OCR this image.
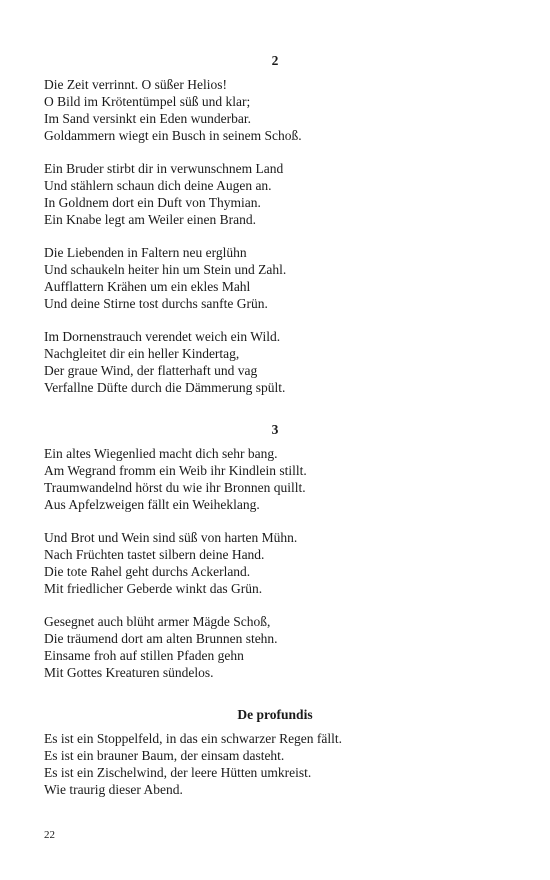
2
Die Zeit verrinnt. O süßer Helios!
O Bild im Krötentümpel süß und klar;
Im Sand versinkt ein Eden wunderbar.
Goldammern wiegt ein Busch in seinem Schoß.
Ein Bruder stirbt dir in verwunschnem Land
Und stählern schaun dich deine Augen an.
In Goldnem dort ein Duft von Thymian.
Ein Knabe legt am Weiler einen Brand.
Die Liebenden in Faltern neu erglühn
Und schaukeln heiter hin um Stein und Zahl.
Aufflattern Krähen um ein ekles Mahl
Und deine Stirne tost durchs sanfte Grün.
Im Dornenstrauch verendet weich ein Wild.
Nachgleitet dir ein heller Kindertag,
Der graue Wind, der flatterhaft und vag
Verfallne Düfte durch die Dämmerung spült.
3
Ein altes Wiegenlied macht dich sehr bang.
Am Wegrand fromm ein Weib ihr Kindlein stillt.
Traumwandelnd hörst du wie ihr Bronnen quillt.
Aus Apfelzweigen fällt ein Weiheklang.
Und Brot und Wein sind süß von harten Mühn.
Nach Früchten tastet silbern deine Hand.
Die tote Rahel geht durchs Ackerland.
Mit friedlicher Geberde winkt das Grün.
Gesegnet auch blüht armer Mägde Schoß,
Die träumend dort am alten Brunnen stehn.
Einsame froh auf stillen Pfaden gehn
Mit Gottes Kreaturen sündelos.
De profundis
Es ist ein Stoppelfeld, in das ein schwarzer Regen fällt.
Es ist ein brauner Baum, der einsam dasteht.
Es ist ein Zischelwind, der leere Hütten umkreist.
Wie traurig dieser Abend.
22
